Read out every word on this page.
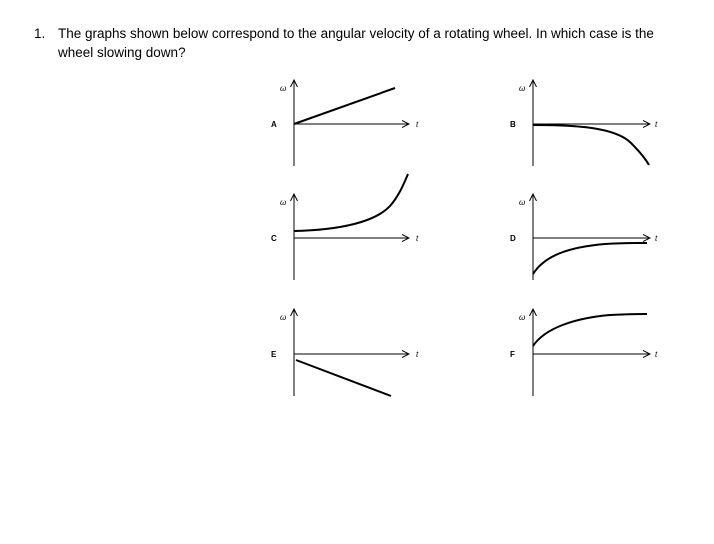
1. The graphs shown below correspond to the angular velocity of a rotating wheel. In which case is the wheel slowing down?
ω
t
A
ω
t
B
ω
t
C
ω
t
D
ω
t
E
ω
t
F
